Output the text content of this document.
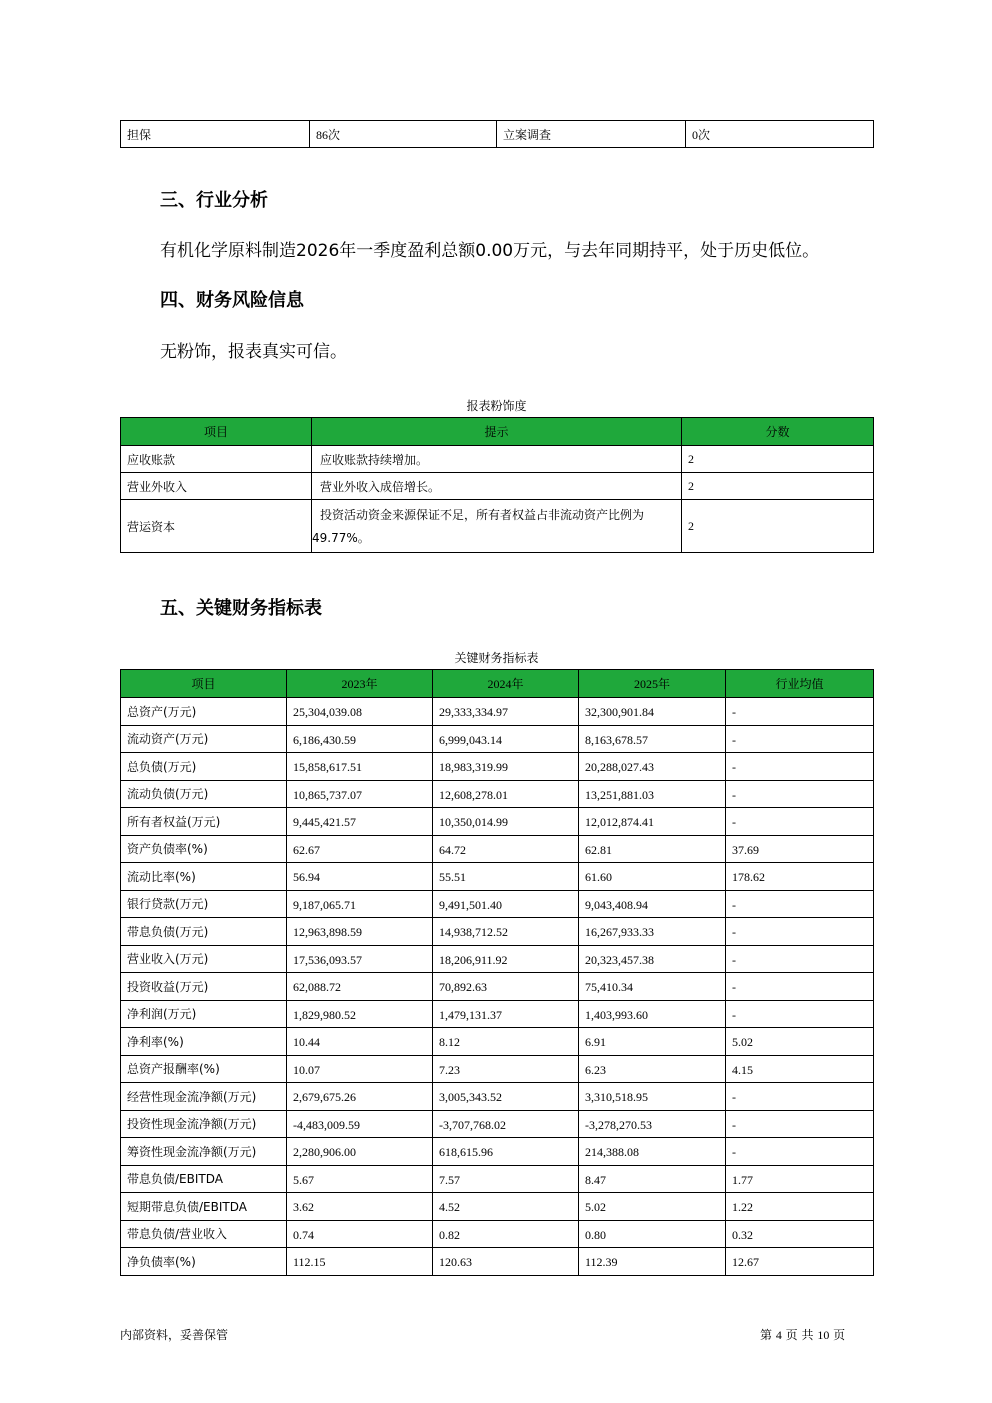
担保	86次	立案调查	0次
三、行业分析

有机化学原料制造2026年一季度盈利总额0.00万元，与去年同期持平，处于历史低位。

四、财务风险信息

无粉饰，报表真实可信。

报表粉饰度
项目	提示	分数
应收账款	应收账款持续增加。	2
营业外收入	营业外收入成倍增长。	2
营运资本	投资活动资金来源保证不足，所有者权益占非流动资产比例为49.77%。	2
五、关键财务指标表
关键财务指标表
项目	2023年	2024年	2025年	行业均值
总资产(万元)	25,304,039.08	29,333,334.97	32,300,901.84	-
流动资产(万元)	6,186,430.59	6,999,043.14	8,163,678.57	-
总负债(万元)	15,858,617.51	18,983,319.99	20,288,027.43	-
流动负债(万元)	10,865,737.07	12,608,278.01	13,251,881.03	-
所有者权益(万元)	9,445,421.57	10,350,014.99	12,012,874.41	-
资产负债率(%)	62.67	64.72	62.81	37.69
流动比率(%)	56.94	55.51	61.60	178.62
银行贷款(万元)	9,187,065.71	9,491,501.40	9,043,408.94	-
带息负债(万元)	12,963,898.59	14,938,712.52	16,267,933.33	-
营业收入(万元)	17,536,093.57	18,206,911.92	20,323,457.38	-
投资收益(万元)	62,088.72	70,892.63	75,410.34	-
净利润(万元)	1,829,980.52	1,479,131.37	1,403,993.60	-
净利率(%)	10.44	8.12	6.91	5.02
总资产报酬率(%)	10.07	7.23	6.23	4.15
经营性现金流净额(万元)	2,679,675.26	3,005,343.52	3,310,518.95	-
投资性现金流净额(万元)	-4,483,009.59	-3,707,768.02	-3,278,270.53	-
筹资性现金流净额(万元)	2,280,906.00	618,615.96	214,388.08	-
带息负债/EBITDA	5.67	7.57	8.47	1.77
短期带息负债/EBITDA	3.62	4.52	5.02	1.22
带息负债/营业收入	0.74	0.82	0.80	0.32
净负债率(%)	112.15	120.63	112.39	12.67
内部资料，妥善保管	第 4 页 共 10 页
